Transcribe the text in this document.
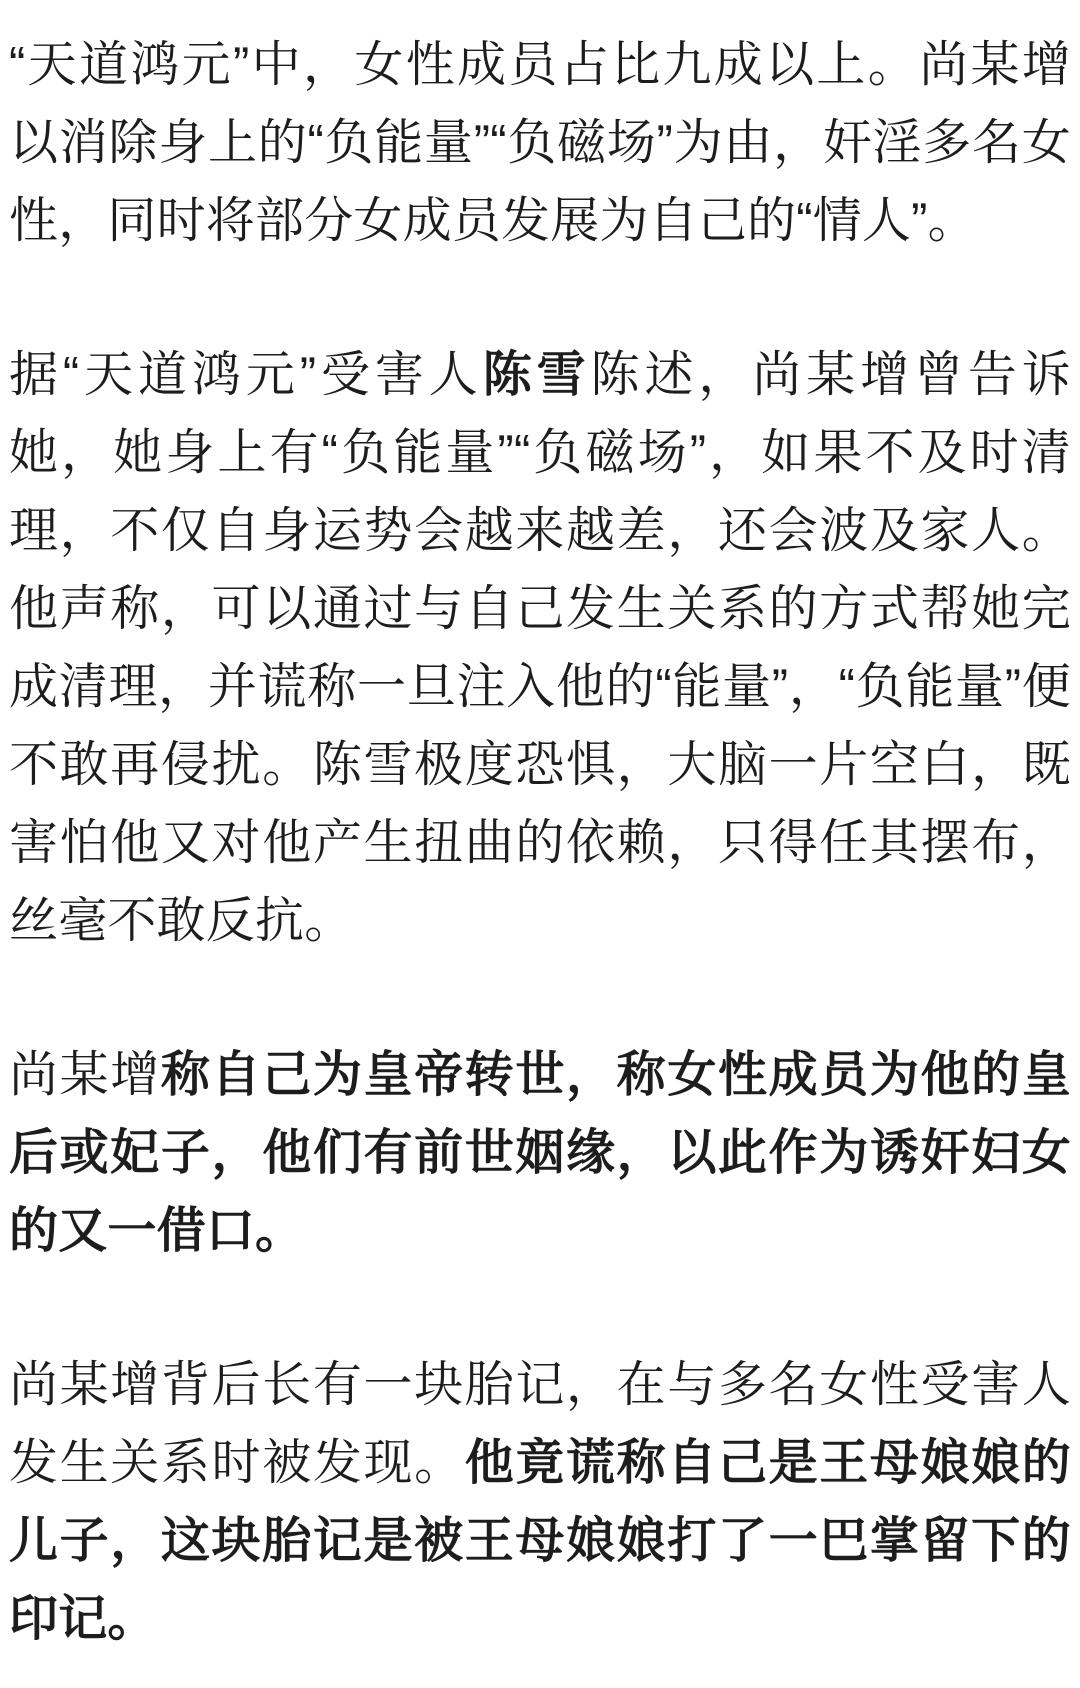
“天道鸿元”中，女性成员占比九成以上。尚某增以消除身上的“负能量”“负磁场”为由，奸淫多名女性，同时将部分女成员发展为自己的“情人”。

据“天道鸿元”受害人陈雪陈述，尚某增曾告诉她，她身上有“负能量”“负磁场”，如果不及时清理，不仅自身运势会越来越差，还会波及家人。他声称，可以通过与自己发生关系的方式帮她完成清理，并谎称一旦注入他的“能量”，“负能量”便不敢再侵扰。陈雪极度恐惧，大脑一片空白，既害怕他又对他产生扭曲的依赖，只得任其摆布，丝毫不敢反抗。

尚某增称自己为皇帝转世，称女性成员为他的皇后或妃子，他们有前世姻缘，以此作为诱奸妇女的又一借口。

尚某增背后长有一块胎记，在与多名女性受害人发生关系时被发现。他竟谎称自己是王母娘娘的儿子，这块胎记是被王母娘娘打了一巴掌留下的印记。
